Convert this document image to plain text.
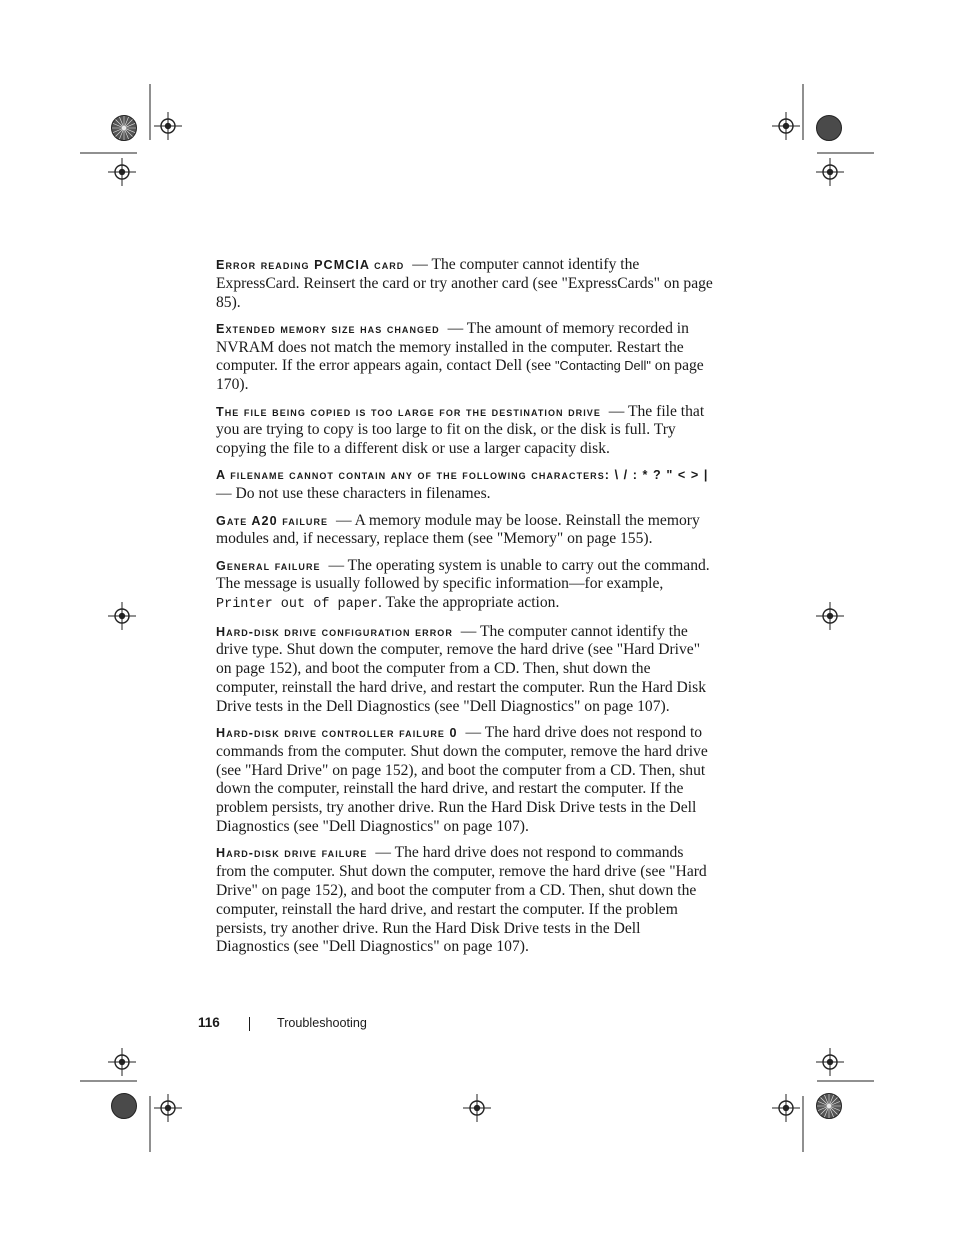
Error reading PCMCIA card — The computer cannot identify the ExpressCard. Reinsert the card or try another card (see "ExpressCards" on page 85).

Extended memory size has changed — The amount of memory recorded in NVRAM does not match the memory installed in the computer. Restart the computer. If the error appears again, contact Dell (see "Contacting Dell" on page 170).

The file being copied is too large for the destination drive — The file that you are trying to copy is too large to fit on the disk, or the disk is full. Try copying the file to a different disk or use a larger capacity disk.

A filename cannot contain any of the following characters: \ / : * ? " < > | — Do not use these characters in filenames.

Gate A20 failure — A memory module may be loose. Reinstall the memory modules and, if necessary, replace them (see "Memory" on page 155).

General failure — The operating system is unable to carry out the command. The message is usually followed by specific information—for example, Printer out of paper. Take the appropriate action.

Hard-disk drive configuration error — The computer cannot identify the drive type. Shut down the computer, remove the hard drive (see "Hard Drive" on page 152), and boot the computer from a CD. Then, shut down the computer, reinstall the hard drive, and restart the computer. Run the Hard Disk Drive tests in the Dell Diagnostics (see "Dell Diagnostics" on page 107).

Hard-disk drive controller failure 0 — The hard drive does not respond to commands from the computer. Shut down the computer, remove the hard drive (see "Hard Drive" on page 152), and boot the computer from a CD. Then, shut down the computer, reinstall the hard drive, and restart the computer. If the problem persists, try another drive. Run the Hard Disk Drive tests in the Dell Diagnostics (see "Dell Diagnostics" on page 107).

Hard-disk drive failure — The hard drive does not respond to commands from the computer. Shut down the computer, remove the hard drive (see "Hard Drive" on page 152), and boot the computer from a CD. Then, shut down the computer, reinstall the hard drive, and restart the computer. If the problem persists, try another drive. Run the Hard Disk Drive tests in the Dell Diagnostics (see "Dell Diagnostics" on page 107).

116	Troubleshooting
